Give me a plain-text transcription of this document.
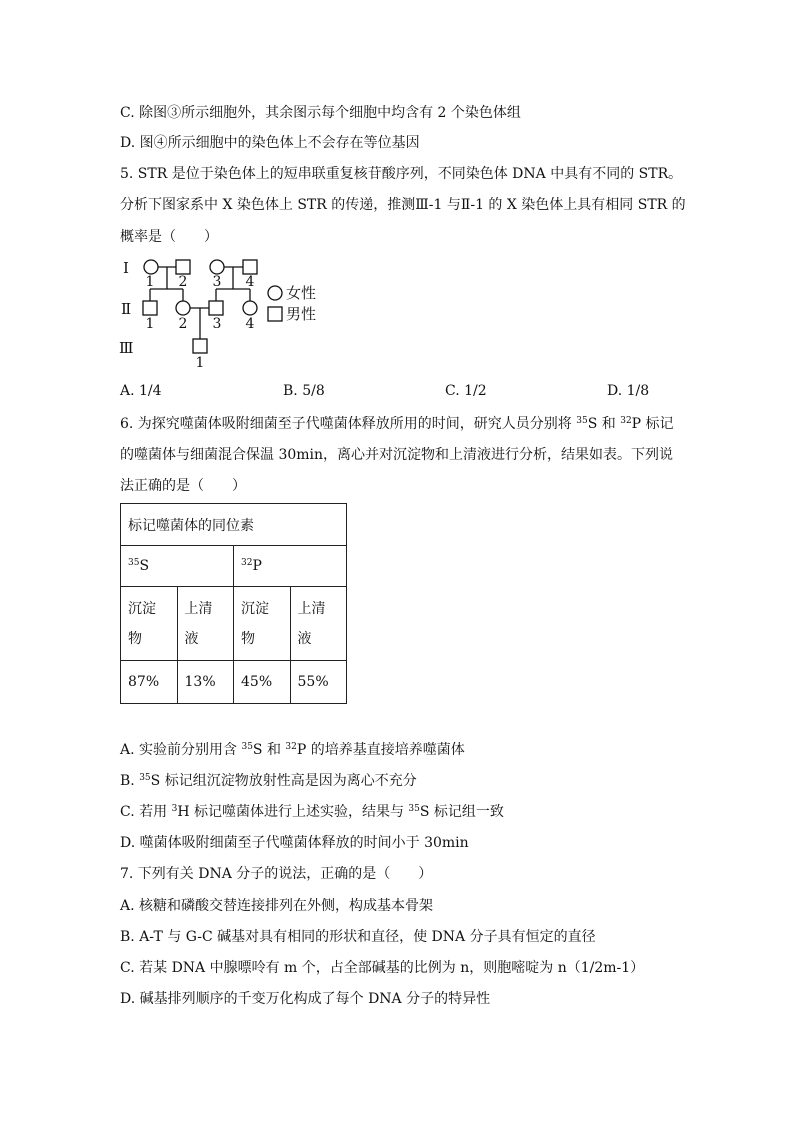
C. 除图③所示细胞外，其余图示每个细胞中均含有 2 个染色体组
D. 图④所示细胞中的染色体上不会存在等位基因
5. STR 是位于染色体上的短串联重复核苷酸序列，不同染色体 DNA 中具有不同的 STR。
分析下图家系中 X 染色体上 STR 的传递，推测Ⅲ-1 与Ⅱ-1 的 X 染色体上具有相同 STR 的
概率是（　　）
Ⅰ
Ⅱ
Ⅲ
1 2 3 4
1 2 3 4
1
女性
男性
A. 1/4	B. 5/8	C. 1/2	D. 1/8
6. 为探究噬菌体吸附细菌至子代噬菌体释放所用的时间，研究人员分别将 $^{35}$S 和 $^{32}$P 标记
的噬菌体与细菌混合保温 30min，离心并对沉淀物和上清液进行分析，结果如表。下列说
法正确的是（　　）
标记噬菌体的同位素			
$^{35}$S		$^{32}$P	
沉淀物	上清液	沉淀物	上清液
87%	13%	45%	55%
A. 实验前分别用含 $^{35}$S 和 $^{32}$P 的培养基直接培养噬菌体
B. $^{35}$S 标记组沉淀物放射性高是因为离心不充分
C. 若用 $^3$H 标记噬菌体进行上述实验，结果与 $^{35}$S 标记组一致
D. 噬菌体吸附细菌至子代噬菌体释放的时间小于 30min
7. 下列有关 DNA 分子的说法，正确的是（　　）
A. 核糖和磷酸交替连接排列在外侧，构成基本骨架
B. A-T 与 G-C 碱基对具有相同的形状和直径，使 DNA 分子具有恒定的直径
C. 若某 DNA 中腺嘌呤有 m 个，占全部碱基的比例为 n，则胞嘧啶为 n（1/2m-1）
D. 碱基排列顺序的千变万化构成了每个 DNA 分子的特异性
